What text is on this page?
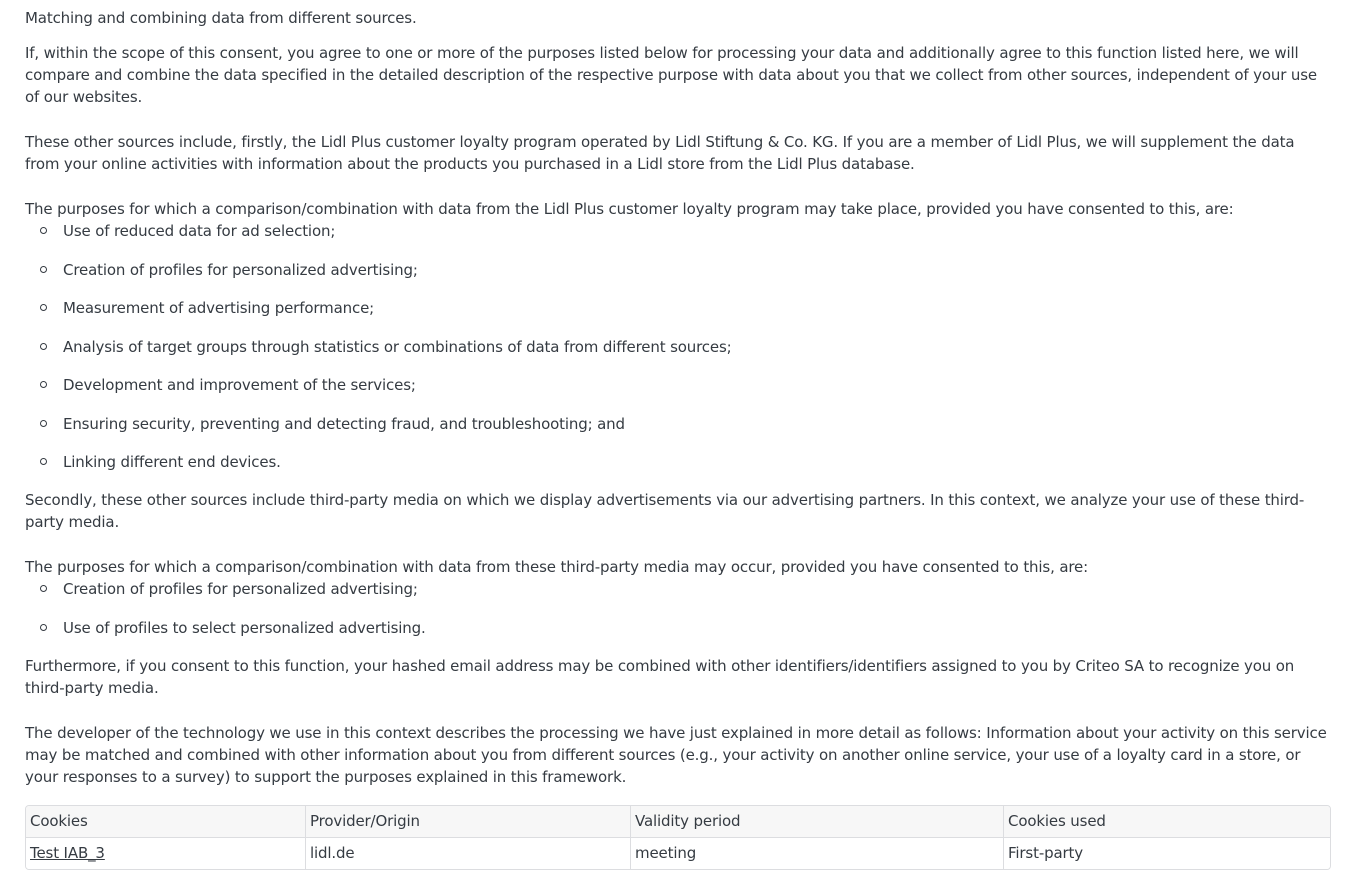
Matching and combining data from different sources.

If, within the scope of this consent, you agree to one or more of the purposes listed below for processing your data and additionally agree to this function listed here, we will compare and combine the data specified in the detailed description of the respective purpose with data about you that we collect from other sources, independent of your use of our websites.

These other sources include, firstly, the Lidl Plus customer loyalty program operated by Lidl Stiftung & Co. KG. If you are a member of Lidl Plus, we will supplement the data from your online activities with information about the products you purchased in a Lidl store from the Lidl Plus database.

The purposes for which a comparison/combination with data from the Lidl Plus customer loyalty program may take place, provided you have consented to this, are:

Use of reduced data for ad selection;
Creation of profiles for personalized advertising;
Measurement of advertising performance;
Analysis of target groups through statistics or combinations of data from different sources;
Development and improvement of the services;
Ensuring security, preventing and detecting fraud, and troubleshooting; and
Linking different end devices.

Secondly, these other sources include third-party media on which we display advertisements via our advertising partners. In this context, we analyze your use of these third-party media.

The purposes for which a comparison/combination with data from these third-party media may occur, provided you have consented to this, are:

Creation of profiles for personalized advertising;
Use of profiles to select personalized advertising.

Furthermore, if you consent to this function, your hashed email address may be combined with other identifiers/identifiers assigned to you by Criteo SA to recognize you on third-party media.

The developer of the technology we use in this context describes the processing we have just explained in more detail as follows: Information about your activity on this service may be matched and combined with other information about you from different sources (e.g., your activity on another online service, your use of a loyalty card in a store, or your responses to a survey) to support the purposes explained in this framework.

Cookies	Provider/Origin	Validity period	Cookies used
Test IAB_3	lidl.de	meeting	First-party
